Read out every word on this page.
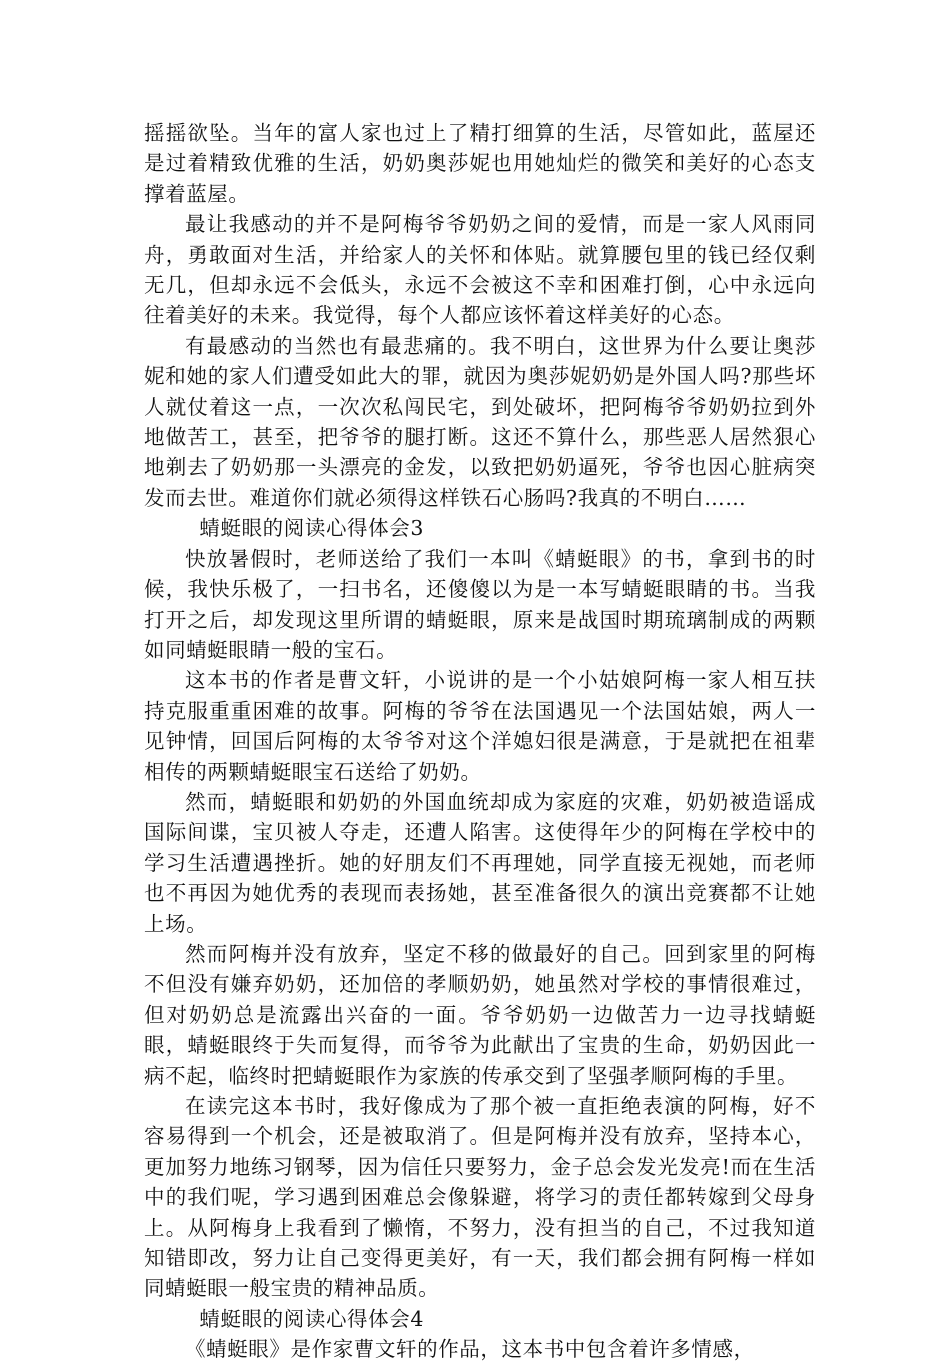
摇摇欲坠。当年的富人家也过上了精打细算的生活，尽管如此，蓝屋还是过着精致优雅的生活，奶奶奥莎妮也用她灿烂的微笑和美好的心态支撑着蓝屋。

最让我感动的并不是阿梅爷爷奶奶之间的爱情，而是一家人风雨同舟，勇敢面对生活，并给家人的关怀和体贴。就算腰包里的钱已经仅剩无几，但却永远不会低头，永远不会被这不幸和困难打倒，心中永远向往着美好的未来。我觉得，每个人都应该怀着这样美好的心态。

有最感动的当然也有最悲痛的。我不明白，这世界为什么要让奥莎妮和她的家人们遭受如此大的罪，就因为奥莎妮奶奶是外国人吗?那些坏人就仗着这一点，一次次私闯民宅，到处破坏，把阿梅爷爷奶奶拉到外地做苦工，甚至，把爷爷的腿打断。这还不算什么，那些恶人居然狠心地剃去了奶奶那一头漂亮的金发，以致把奶奶逼死，爷爷也因心脏病突发而去世。难道你们就必须得这样铁石心肠吗?我真的不明白……

蜻蜓眼的阅读心得体会3

快放暑假时，老师送给了我们一本叫《蜻蜓眼》的书，拿到书的时候，我快乐极了，一扫书名，还傻傻以为是一本写蜻蜓眼睛的书。当我打开之后，却发现这里所谓的蜻蜓眼，原来是战国时期琉璃制成的两颗如同蜻蜓眼睛一般的宝石。

这本书的作者是曹文轩，小说讲的是一个小姑娘阿梅一家人相互扶持克服重重困难的故事。阿梅的爷爷在法国遇见一个法国姑娘，两人一见钟情，回国后阿梅的太爷爷对这个洋媳妇很是满意，于是就把在祖辈相传的两颗蜻蜓眼宝石送给了奶奶。

然而，蜻蜓眼和奶奶的外国血统却成为家庭的灾难，奶奶被造谣成国际间谍，宝贝被人夺走，还遭人陷害。这使得年少的阿梅在学校中的学习生活遭遇挫折。她的好朋友们不再理她，同学直接无视她，而老师也不再因为她优秀的表现而表扬她，甚至准备很久的演出竞赛都不让她上场。

然而阿梅并没有放弃，坚定不移的做最好的自己。回到家里的阿梅不但没有嫌弃奶奶，还加倍的孝顺奶奶，她虽然对学校的事情很难过，但对奶奶总是流露出兴奋的一面。爷爷奶奶一边做苦力一边寻找蜻蜓眼，蜻蜓眼终于失而复得，而爷爷为此献出了宝贵的生命，奶奶因此一病不起，临终时把蜻蜓眼作为家族的传承交到了坚强孝顺阿梅的手里。

在读完这本书时，我好像成为了那个被一直拒绝表演的阿梅，好不容易得到一个机会，还是被取消了。但是阿梅并没有放弃，坚持本心，更加努力地练习钢琴，因为信任只要努力，金子总会发光发亮!而在生活中的我们呢，学习遇到困难总会像躲避，将学习的责任都转嫁到父母身上。从阿梅身上我看到了懒惰，不努力，没有担当的自己，不过我知道知错即改，努力让自己变得更美好，有一天，我们都会拥有阿梅一样如同蜻蜓眼一般宝贵的精神品质。

蜻蜓眼的阅读心得体会4

《蜻蜓眼》是作家曹文轩的作品，这本书中包含着许多情感，
